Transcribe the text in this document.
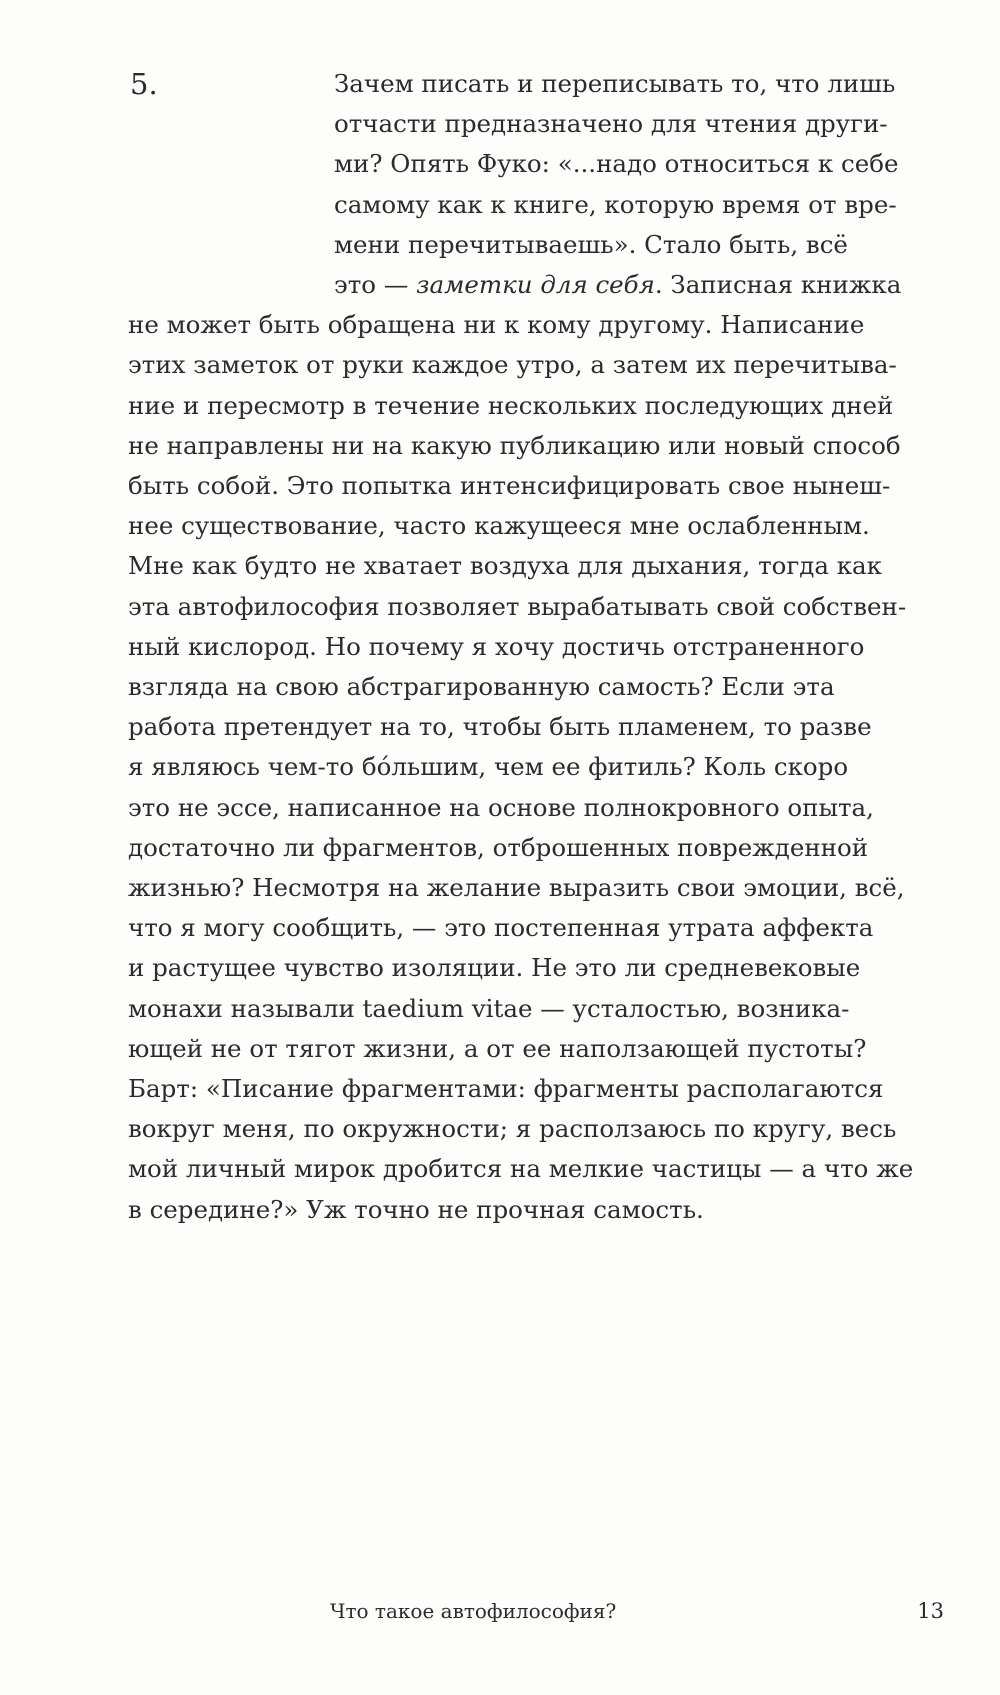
5.	Зачем писать и переписывать то, что лишь
отчасти предназначено для чтения други-
ми? Опять Фуко: «...надо относиться к себе
самому как к книге, которую время от вре-
мени перечитываешь». Стало быть, всё
это — заметки для себя. Записная книжка
не может быть обращена ни к кому другому. Написание
этих заметок от руки каждое утро, а затем их перечитыва-
ние и пересмотр в течение нескольких последующих дней
не направлены ни на какую публикацию или новый способ
быть собой. Это попытка интенсифицировать свое нынеш-
нее существование, часто кажущееся мне ослабленным.
Мне как будто не хватает воздуха для дыхания, тогда как
эта автофилософия позволяет вырабатывать свой собствен-
ный кислород. Но почему я хочу достичь отстраненного
взгляда на свою абстрагированную самость? Если эта
работа претендует на то, чтобы быть пламенем, то разве
я являюсь чем-то бóльшим, чем ее фитиль? Коль скоро
это не эссе, написанное на основе полнокровного опыта,
достаточно ли фрагментов, отброшенных поврежденной
жизнью? Несмотря на желание выразить свои эмоции, всё,
что я могу сообщить, — это постепенная утрата аффекта
и растущее чувство изоляции. Не это ли средневековые
монахи называли taedium vitae — усталостью, возника-
ющей не от тягот жизни, а от ее наползающей пустоты?
Барт: «Писание фрагментами: фрагменты располагаются
вокруг меня, по окружности; я расползаюсь по кругу, весь
мой личный мирок дробится на мелкие частицы — а что же
в середине?» Уж точно не прочная самость.

Что такое автофилософия?	13
